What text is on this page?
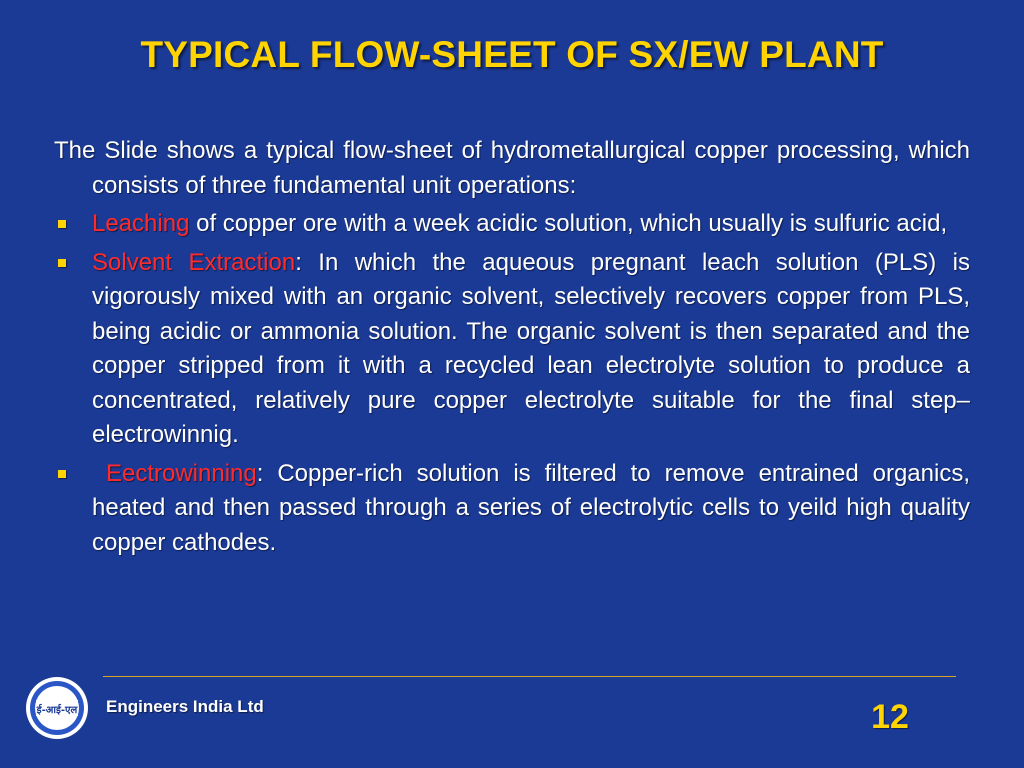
TYPICAL FLOW-SHEET OF SX/EW PLANT

The Slide shows a typical flow-sheet of hydrometallurgical copper processing, which consists of three fundamental unit operations:

Leaching of copper ore with a week acidic solution, which usually is sulfuric acid,
Solvent Extraction: In which the aqueous pregnant leach solution (PLS) is vigorously mixed with an organic solvent, selectively recovers copper from PLS, being acidic or ammonia solution. The organic solvent is then separated and the copper stripped from it with a recycled lean electrolyte solution to produce a concentrated, relatively pure copper electrolyte suitable for the final step– electrowinnig.
Eectrowinning: Copper-rich solution is filtered to remove entrained organics, heated and then passed through a series of electrolytic cells to yeild high quality copper cathodes.
ई-आई-एल Engineers India Ltd	12
